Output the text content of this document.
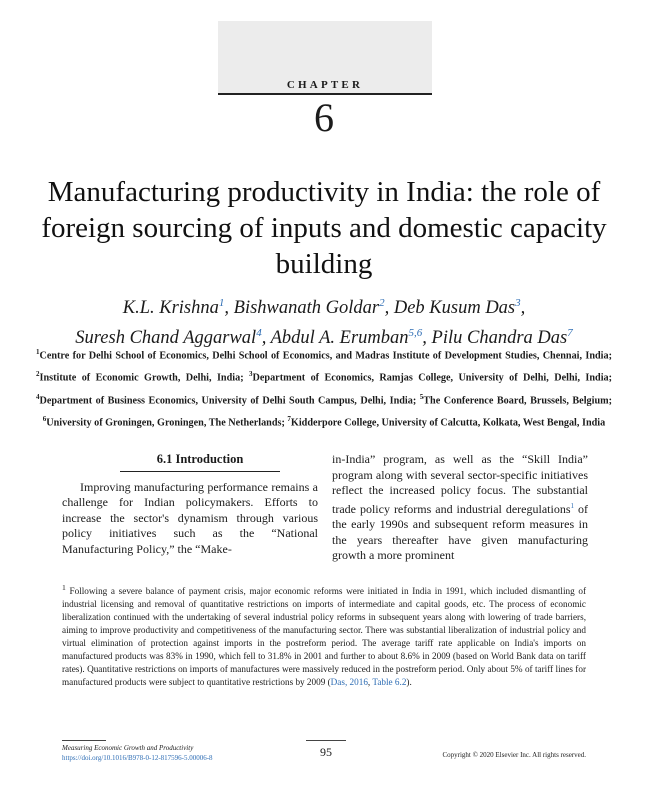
CHAPTER
6
Manufacturing productivity in India: the role of foreign sourcing of inputs and domestic capacity building
K.L. Krishna$^1$, Bishwanath Goldar$^2$, Deb Kusum Das$^3$,
Suresh Chand Aggarwal$^4$, Abdul A. Erumban$^{5,6}$, Pilu Chandra Das$^7$
$^1$Centre for Delhi School of Economics, Delhi School of Economics, and Madras Institute of Development Studies, Chennai, India; $^2$Institute of Economic Growth, Delhi, India; $^3$Department of Economics, Ramjas College, University of Delhi, Delhi, India; $^4$Department of Business Economics, University of Delhi South Campus, Delhi, India; $^5$The Conference Board, Brussels, Belgium; $^6$University of Groningen, Groningen, The Netherlands; $^7$Kidderpore College, University of Calcutta, Kolkata, West Bengal, India
6.1 Introduction

Improving manufacturing performance remains a challenge for Indian policymakers. Efforts to increase the sector's dynamism through various policy initiatives such as the “National Manufacturing Policy,” the “Make-

in-India” program, as well as the “Skill India” program along with several sector-specific initiatives reflect the increased policy focus. The substantial trade policy reforms and industrial deregulations$^1$ of the early 1990s and subsequent reform measures in the years thereafter have given manufacturing growth a more prominent

$^1$ Following a severe balance of payment crisis, major economic reforms were initiated in India in 1991, which included dismantling of industrial licensing and removal of quantitative restrictions on imports of intermediate and capital goods, etc. The process of economic liberalization continued with the undertaking of several industrial policy reforms in subsequent years along with lowering of trade barriers, aiming to improve productivity and competitiveness of the manufacturing sector. There was substantial liberalization of industrial policy and virtual elimination of protection against imports in the postreform period. The average tariff rate applicable on India's imports on manufactured products was 83% in 1990, which fell to 31.8% in 2001 and further to about 8.6% in 2009 (based on World Bank data on tariff rates). Quantitative restrictions on imports of manufactures were massively reduced in the postreform period. Only about 5% of tariff lines for manufactured products were subject to quantitative restrictions by 2009 (Das, 2016, Table 6.2).
Measuring Economic Growth and Productivity
https://doi.org/10.1016/B978-0-12-817596-5.00006-8	95	Copyright © 2020 Elsevier Inc. All rights reserved.
